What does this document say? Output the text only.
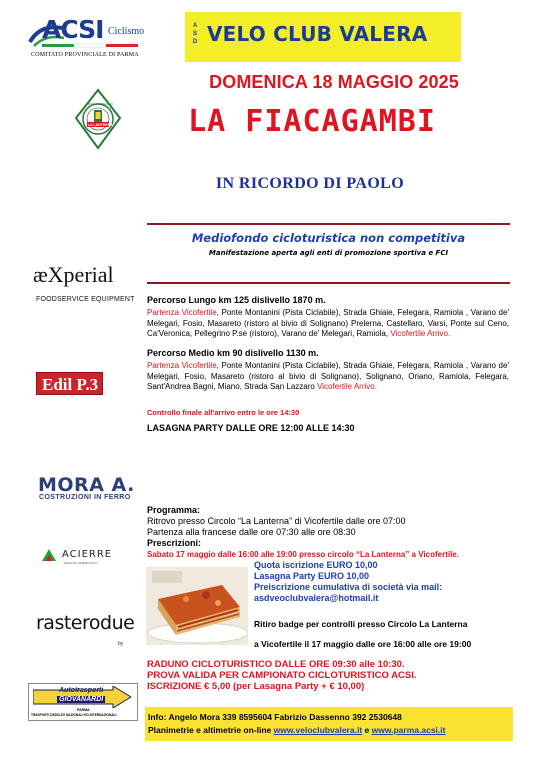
ACSI Ciclismo
COMITATO PROVINCIALE DI PARMA
LA LANTERNA
CIRCOLO RICREATIVO
æXperial
FOODSERVICE EQUIPMENT
Edil P.3
MORA A.
COSTRUZIONI IN FERRO
ACIERRE
SERVIZI AMBIENTALI
rasterodue
by
Autotrasporti
GIOVANARDI
PARMA
TRASPORTI DEDICATI NAZIONALI ED INTERNAZIONALI
A
S
D VELO CLUB VALERA
DOMENICA 18 MAGGIO 2025
LA FIACAGAMBI
IN RICORDO DI PAOLO
Mediofondo cicloturistica non competitiva
Manifestazione aperta agli enti di promozione sportiva e FCI
Percorso Lungo km 125 dislivello 1870 m.
Partenza Vicofertile, Ponte Montanini (Pista Ciclabile), Strada Ghiaie, Felegara, Ramiola , Varano de' Melegari, Fosio, Masareto (ristoro al bivio di Solignano) Prelerna, Castellaro, Varsi, Ponte sul Ceno, Ca'Veronica, Pellegrino P.se (ristoro), Varano de' Melegari, Ramiola, Vicofertile Arrivo.
Percorso Medio km 90 dislivello 1130 m.
Partenza Vicofertile, Ponte Montanini (Pista Ciclabile), Strada Ghiaie, Felegara, Ramiola , Varano de' Melegari, Fosio, Masareto (ristoro al bivio di Solignano), Solignano, Oriano, Ramiola, Felegara, Sant'Andrea Bagni, Miano, Strada San Lazzaro Vicofertile Arrivo.
Controllo finale all'arrivo entro le ore 14:30
LASAGNA PARTY DALLE ORE 12:00 ALLE 14:30
Programma:
Ritrovo presso Circolo “La Lanterna” di Vicofertile dalle ore 07:00
Partenza alla francese dalle ore 07:30 alle ore 08:30
Prescrizioni:
Sabato 17 maggio dalle 16:00 alle 19:00 presso circolo “La Lanterna” a Vicofertile.
Quota iscrizione EURO 10,00
Lasagna Party EURO 10,00
Preiscrizione cumulativa di società via mail:
asdveoclubvalera@hotmail.it
Ritiro badge per controlli presso Circolo La Lanterna
a Vicofertile il 17 maggio dalle ore 16:00 alle ore 19:00
RADUNO CICLOTURISTICO DALLE ORE 09:30 alle 10:30.
PROVA VALIDA PER CAMPIONATO CICLOTURISTICO ACSI.
ISCRIZIONE € 5,00 (per Lasagna Party + € 10,00)
Info: Angelo Mora 339 8595604 Fabrizio Dassenno 392 2530648
Planimetrie e altimetrie on-line www.veloclubvalera.it e www.parma.acsi.it
